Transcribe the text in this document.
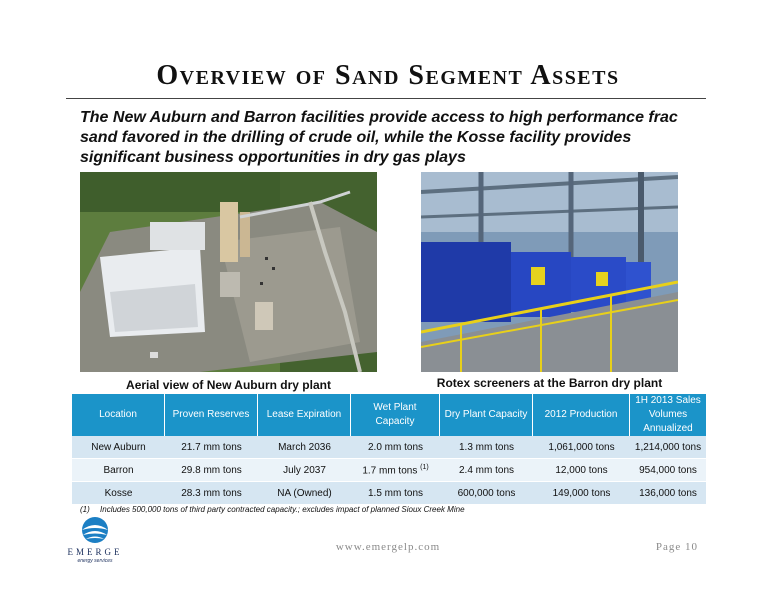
Overview of Sand Segment Assets
The New Auburn and Barron facilities provide access to high performance frac sand favored in the drilling of crude oil, while the Kosse facility provides significant business opportunities in dry gas plays
Aerial view of New Auburn dry plant	Rotex screeners at the Barron dry plant
Location	Proven Reserves	Lease Expiration	Wet Plant Capacity	Dry Plant Capacity	2012 Production	1H 2013 Sales Volumes Annualized
New Auburn	21.7 mm tons	March 2036	2.0 mm tons	1.3 mm tons	1,061,000 tons	1,214,000 tons
Barron	29.8 mm tons	July 2037	1.7 mm tons $^{(1)}$	2.4 mm tons	12,000 tons	954,000 tons
Kosse	28.3 mm tons	NA (Owned)	1.5 mm tons	600,000 tons	149,000 tons	136,000 tons
(1) Includes 500,000 tons of third party contracted capacity.; excludes impact of planned Sioux Creek Mine
EMERGE
energy services
www.emergelp.com	Page 10
